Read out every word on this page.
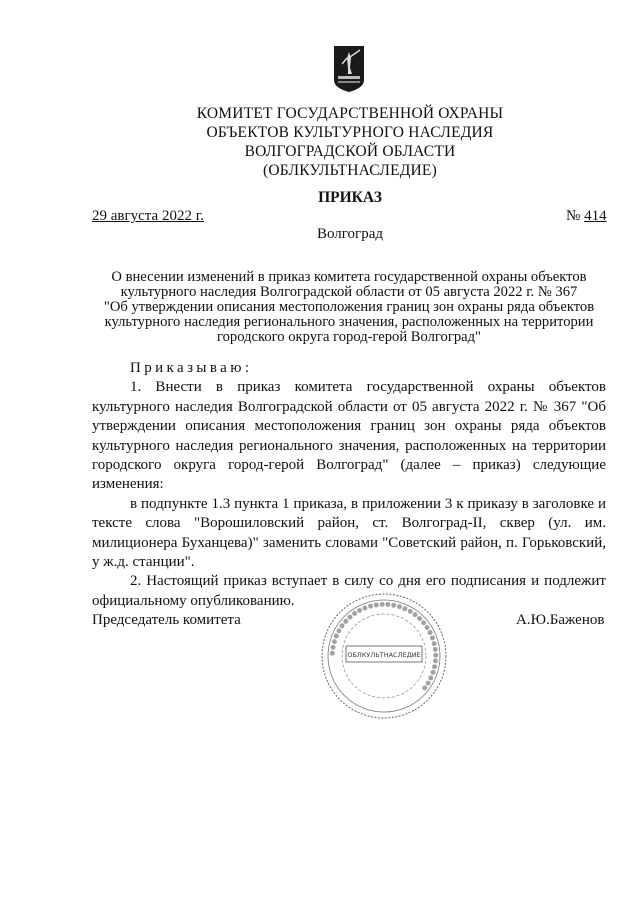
КОМИТЕТ ГОСУДАРСТВЕННОЙ ОХРАНЫ
ОБЪЕКТОВ КУЛЬТУРНОГО НАСЛЕДИЯ
ВОЛГОГРАДСКОЙ ОБЛАСТИ
(ОБЛКУЛЬТНАСЛЕДИЕ)
ПРИКАЗ
29 августа 2022 г.	№ 414
Волгоград
О внесении изменений в приказ комитета государственной охраны объектов
культурного наследия Волгоградской области от 05 августа 2022 г. № 367
"Об утверждении описания местоположения границ зон охраны ряда объектов
культурного наследия регионального значения, расположенных на территории
городского округа город-герой Волгоград"

Приказываю:

1. Внести в приказ комитета государственной охраны объектов культурного наследия Волгоградской области от 05 августа 2022 г. № 367 "Об утверждении описания местоположения границ зон охраны ряда объектов культурного наследия регионального значения, расположенных на территории городского округа город-герой Волгоград" (далее – приказ) следующие изменения:

в подпункте 1.3 пункта 1 приказа, в приложении 3 к приказу в заголовке и тексте слова "Ворошиловский район, ст. Волгоград-II, сквер (ул. им. милиционера Буханцева)" заменить словами "Советский район, п. Горьковский, у ж.д. станции".

2. Настоящий приказ вступает в силу со дня его подписания и подлежит официальному опубликованию.

Председатель комитета
●●●●●●●●●●●●●●●●●●●●●●●●●●●●●●●●●●
ОБЛКУЛЬТНАСЛЕДИЕ
А.Ю.Баженов
